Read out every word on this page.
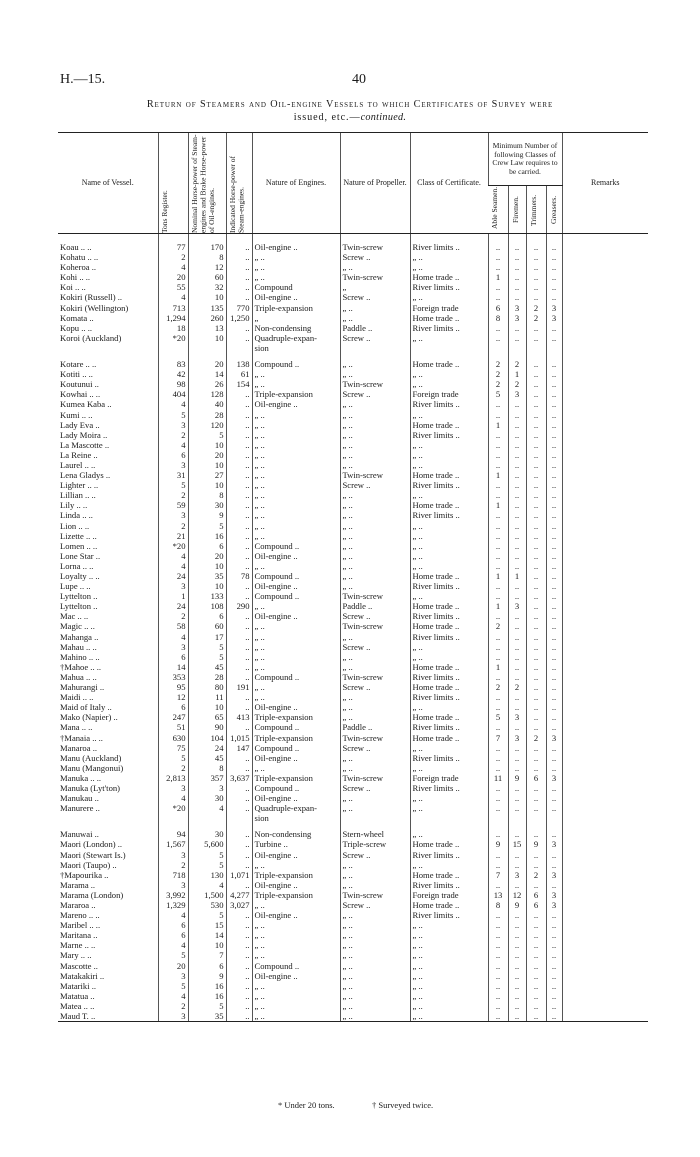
H.—15.	40
Return of Steamers and Oil-engine Vessels to which Certificates of Survey were
issued, etc.—continued.
Name of Vessel.	Tons Register.	Nominal Horse-power of Steam-engines and Brake Horse-power of Oil-engines.	Indicated Horse-power of Steam-engines.	Nature of Engines.	Nature of Propeller.	Class of Certificate.	Minimum Number of following Classes of Crew Law requires to be carried.				Remarks

							Able Seamen.	Firemen.	Trimmers.	Greasers.	

Koau .. ..	77	170	..	Oil-engine ..	Twin-screw	River limits ..	..	..	..	..	
Kohatu .. ..	2	8	..	„ ..	Screw ..	„ ..	..	..	..	..	
Koheroa ..	4	12	..	„ ..	„ ..	„ ..	..	..	..	..	
Kohi .. ..	20	60	..	„ ..	Twin-screw	Home trade ..	1	..	..	..	
Koi .. ..	55	32	..	Compound	„	River limits ..	..	..	..	..	
Kokiri (Russell) ..	4	10	..	Oil-engine ..	Screw ..	„ ..	..	..	..	..	
Kokiri (Wellington)	713	135	770	Triple-expansion	„ ..	Foreign trade	6	3	2	3	
Komata ..	1,294	260	1,250	„	„ ..	Home trade ..	8	3	2	3	
Kopu .. ..	18	13	..	Non-condensing	Paddle ..	River limits ..	..	..	..	..	
Koroi (Auckland)	*20	10	..	Quadruple-expan-	Screw ..	„ ..	..	..	..	..	
				sion							
Kotare .. ..	83	20	138	Compound ..	„ ..	Home trade ..	2	2	..	..	
Kotiti .. ..	42	14	61	„ ..	„ ..	„ ..	2	1	..	..	
Koutunui ..	98	26	154	„ ..	Twin-screw	„ ..	2	2	..	..	
Kowhai .. ..	404	128	..	Triple-expansion	Screw ..	Foreign trade	5	3	..	..	
Kumea Kaba ..	4	40	..	Oil-engine ..	„ ..	River limits ..	..	..	..	..	
Kumi .. ..	5	28	..	„ ..	„ ..	„ ..	..	..	..	..	
Lady Eva ..	3	120	..	„ ..	„ ..	Home trade ..	1	..	..	..	
Lady Moira ..	2	5	..	„ ..	„ ..	River limits ..	..	..	..	..	
La Mascotte ..	4	10	..	„ ..	„ ..	„ ..	..	..	..	..	
La Reine ..	6	20	..	„ ..	„ ..	„ ..	..	..	..	..	
Laurel .. ..	3	10	..	„ ..	„ ..	„ ..	..	..	..	..	
Lena Gladys ..	31	27	..	„ ..	Twin-screw	Home trade ..	1	..	..	..	
Lighter .. ..	5	10	..	„ ..	Screw ..	River limits ..	..	..	..	..	
Lillian .. ..	2	8	..	„ ..	„ ..	„ ..	..	..	..	..	
Lily .. ..	59	30	..	„ ..	„ ..	Home trade ..	1	..	..	..	
Linda .. ..	3	9	..	„ ..	„ ..	River limits ..	..	..	..	..	
Lion .. ..	2	5	..	„ ..	„ ..	„ ..	..	..	..	..	
Lizette .. ..	21	16	..	„ ..	„ ..	„ ..	..	..	..	..	
Lomen .. ..	*20	6	..	Compound ..	„ ..	„ ..	..	..	..	..	
Lone Star ..	4	20	..	Oil-engine ..	„ ..	„ ..	..	..	..	..	
Lorna .. ..	4	10	..	„ ..	„ ..	„ ..	..	..	..	..	
Loyalty .. ..	24	35	78	Compound ..	„ ..	Home trade ..	1	1	..	..	
Lupe .. ..	3	10	..	Oil-engine ..	„ ..	River limits ..	..	..	..	..	
Lyttelton ..	1	133	..	Compound ..	Twin-screw	„ ..	..	..	..	..	
Lyttelton ..	24	108	290	„ ..	Paddle ..	Home trade ..	1	3	..	..	
Mac .. ..	2	6	..	Oil-engine ..	Screw ..	River limits ..	..	..	..	..	
Magic .. ..	58	60	..	„ ..	Twin-screw	Home trade ..	2	..	..	..	
Mahanga ..	4	17	..	„ ..	„ ..	River limits ..	..	..	..	..	
Mahau .. ..	3	5	..	„ ..	Screw ..	„ ..	..	..	..	..	
Mahino .. ..	6	5	..	„ ..	„ ..	„ ..	..	..	..	..	
†Mahoe .. ..	14	45	..	„ ..	„ ..	Home trade ..	1	..	..	..	
Mahua .. ..	353	28	..	Compound ..	Twin-screw	River limits ..	..	..	..	..	
Mahurangi ..	95	80	191	„ ..	Screw ..	Home trade ..	2	2	..	..	
Maidi .. ..	12	11	..	„ ..	„ ..	River limits ..	..	..	..	..	
Maid of Italy ..	6	10	..	Oil-engine ..	„ ..	„ ..	..	..	..	..	
Mako (Napier) ..	247	65	413	Triple-expansion	„ ..	Home trade ..	5	3	..	..	
Mana .. ..	51	90	..	Compound ..	Paddle ..	River limits ..	..	..	..	..	
†Manaia .. ..	630	104	1,015	Triple-expansion	Twin-screw	Home trade ..	7	3	2	3	
Manaroa ..	75	24	147	Compound ..	Screw ..	„ ..	..	..	..	..	
Manu (Auckland)	5	45	..	Oil-engine ..	„ ..	River limits ..	..	..	..	..	
Manu (Mangonui)	2	8	..	„ ..	„ ..	„ ..	..	..	..	..	
Manuka .. ..	2,813	357	3,637	Triple-expansion	Twin-screw	Foreign trade	11	9	6	3	
Manuka (Lyt'ton)	3	3	..	Compound ..	Screw ..	River limits ..	..	..	..	..	
Manukau ..	4	30	..	Oil-engine ..	„ ..	„ ..	..	..	..	..	
Manurere ..	*20	4	..	Quadruple-expan-	„ ..	„ ..	..	..	..	..	
				sion							
Manuwai ..	94	30	..	Non-condensing	Stern-wheel	„ ..	..	..	..	..	
Maori (London) ..	1,567	5,600	..	Turbine ..	Triple-screw	Home trade ..	9	15	9	3	
Maori (Stewart Is.)	3	5	..	Oil-engine ..	Screw ..	River limits ..	..	..	..	..	
Maori (Taupo) ..	2	5	..	„ ..	„ ..	„ ..	..	..	..	..	
†Mapourika ..	718	130	1,071	Triple-expansion	„ ..	Home trade ..	7	3	2	3	
Marama ..	3	4	..	Oil-engine ..	„ ..	River limits ..	..	..	..	..	
Marama (London)	3,992	1,500	4,277	Triple-expansion	Twin-screw	Foreign trade	13	12	6	3	
Mararoa ..	1,329	530	3,027	„ ..	Screw ..	Home trade ..	8	9	6	3	
Mareno .. ..	4	5	..	Oil-engine ..	„ ..	River limits ..	..	..	..	..	
Maribel .. ..	6	15	..	„ ..	„ ..	„ ..	..	..	..	..	
Maritana ..	6	14	..	„ ..	„ ..	„ ..	..	..	..	..	
Marne .. ..	4	10	..	„ ..	„ ..	„ ..	..	..	..	..	
Mary .. ..	5	7	..	„ ..	„ ..	„ ..	..	..	..	..	
Mascotte ..	20	6	..	Compound ..	„ ..	„ ..	..	..	..	..	
Matakakiri ..	3	9	..	Oil-engine ..	„ ..	„ ..	..	..	..	..	
Matariki ..	5	16	..	„ ..	„ ..	„ ..	..	..	..	..	
Matatua ..	4	16	..	„ ..	„ ..	„ ..	..	..	..	..	
Matea .. ..	2	5	..	„ ..	„ ..	„ ..	..	..	..	..	
Maud T. ..	3	35	..	„ ..	„ ..	„ ..	..	..	..	..	
* Under 20 tons.	† Surveyed twice.
